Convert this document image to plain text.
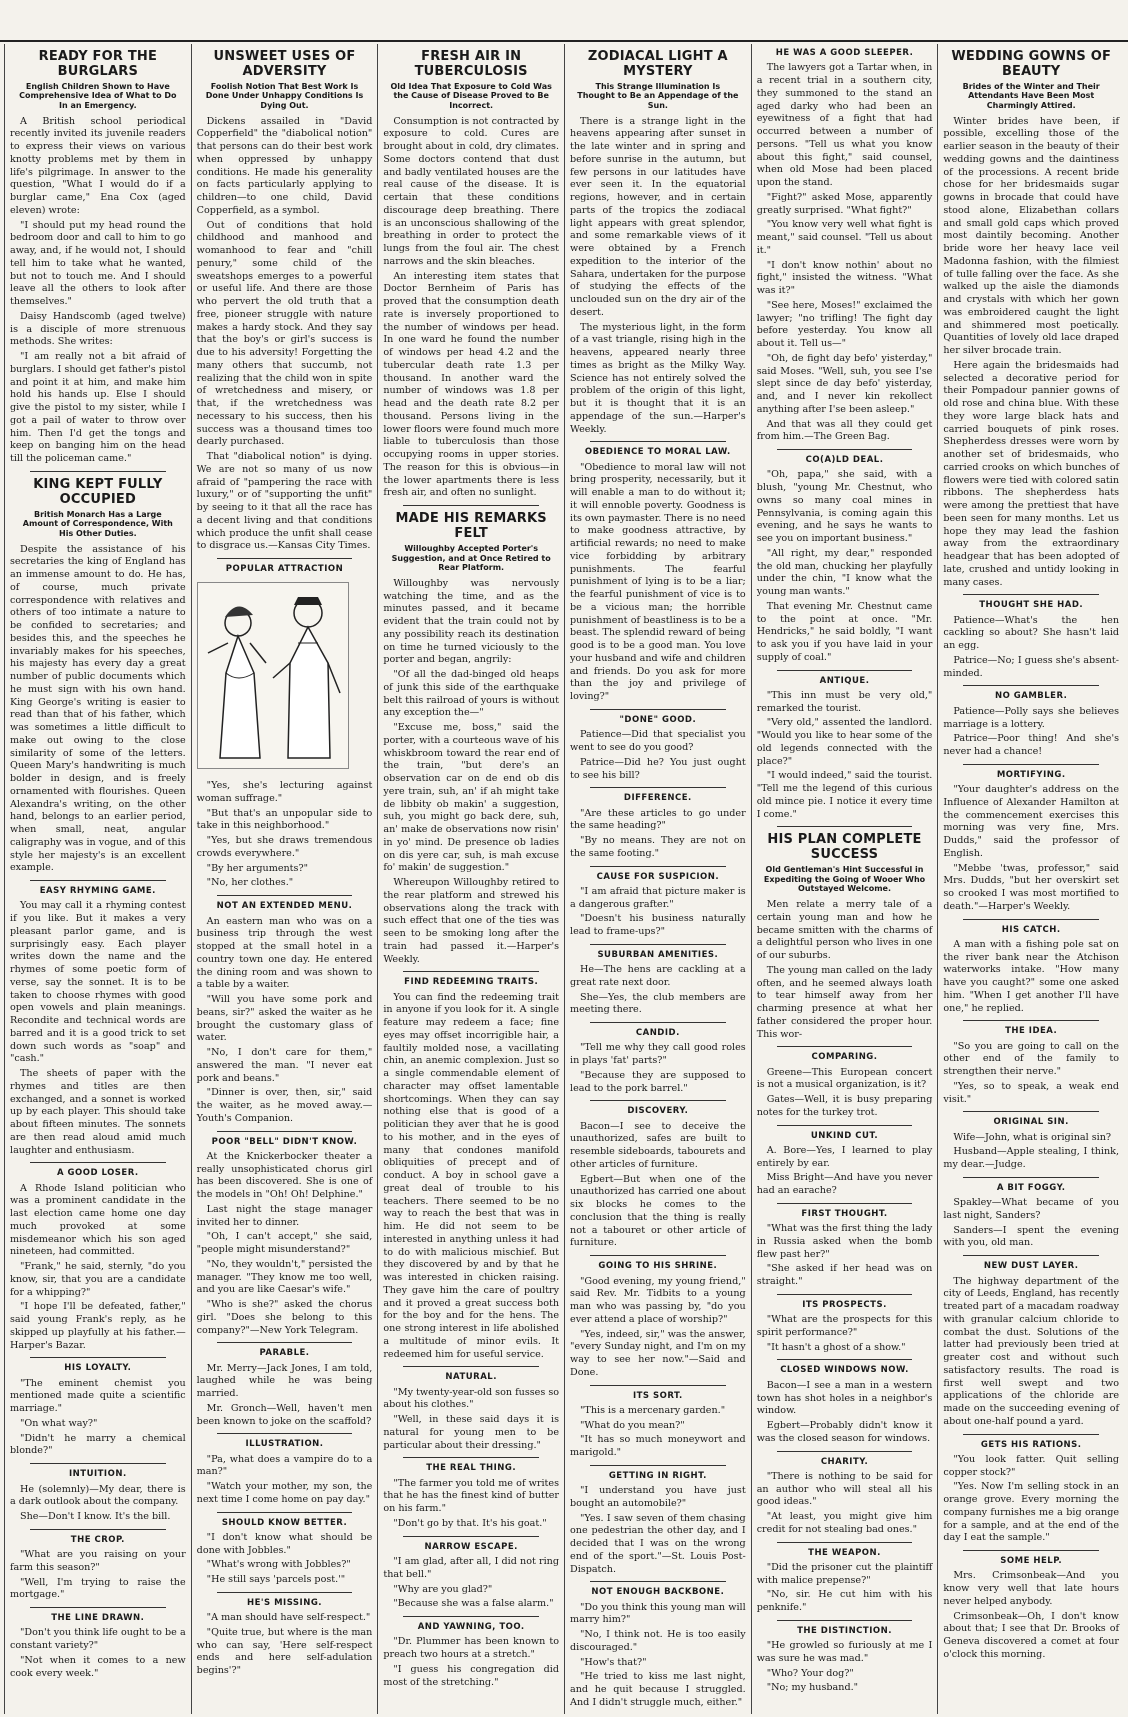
READY FOR THE BURGLARS
English Children Shown to Have Comprehensive Idea of What to Do In an Emergency.

A British school periodical recently invited its juvenile readers to express their views on various knotty problems met by them in life's pilgrimage. In answer to the question, "What I would do if a burglar came," Ena Cox (aged eleven) wrote:

"I should put my head round the bedroom door and call to him to go away, and, if he would not, I should tell him to take what he wanted, but not to touch me. And I should leave all the others to look after themselves."

Daisy Handscomb (aged twelve) is a disciple of more strenuous methods. She writes:

"I am really not a bit afraid of burglars. I should get father's pistol and point it at him, and make him hold his hands up. Else I should give the pistol to my sister, while I got a pail of water to throw over him. Then I'd get the tongs and keep on banging him on the head till the policeman came."

KING KEPT FULLY OCCUPIED
British Monarch Has a Large Amount of Correspondence, With His Other Duties.

Despite the assistance of his secretaries the king of England has an immense amount to do. He has, of course, much private correspondence with relatives and others of too intimate a nature to be confided to secretaries; and besides this, and the speeches he invariably makes for his speeches, his majesty has every day a great number of public documents which he must sign with his own hand. King George's writing is easier to read than that of his father, which was sometimes a little difficult to make out owing to the close similarity of some of the letters. Queen Mary's handwriting is much bolder in design, and is freely ornamented with flourishes. Queen Alexandra's writing, on the other hand, belongs to an earlier period, when small, neat, angular caligraphy was in vogue, and of this style her majesty's is an excellent example.

EASY RHYMING GAME.

You may call it a rhyming contest if you like. But it makes a very pleasant parlor game, and is surprisingly easy. Each player writes down the name and the rhymes of some poetic form of verse, say the sonnet. It is to be taken to choose rhymes with good open vowels and plain meanings. Recondite and technical words are barred and it is a good trick to set down such words as "soap" and "cash."

The sheets of paper with the rhymes and titles are then exchanged, and a sonnet is worked up by each player. This should take about fifteen minutes. The sonnets are then read aloud amid much laughter and enthusiasm.

A GOOD LOSER.

A Rhode Island politician who was a prominent candidate in the last election came home one day much provoked at some misdemeanor which his son aged nineteen, had committed.

"Frank," he said, sternly, "do you know, sir, that you are a candidate for a whipping?"

"I hope I'll be defeated, father," said young Frank's reply, as he skipped up playfully at his father.—Harper's Bazar.

HIS LOYALTY.

"The eminent chemist you mentioned made quite a scientific marriage."

"On what way?"

"Didn't he marry a chemical blonde?"

INTUITION.

He (solemnly)—My dear, there is a dark outlook about the company.

She—Don't I know. It's the bill.

THE CROP.

"What are you raising on your farm this season?"

"Well, I'm trying to raise the mortgage."

THE LINE DRAWN.

"Don't you think life ought to be a constant variety?"

"Not when it comes to a new cook every week."

UNSWEET USES OF ADVERSITY
Foolish Notion That Best Work Is Done Under Unhappy Conditions Is Dying Out.

Dickens assailed in "David Copperfield" the "diabolical notion" that persons can do their best work when oppressed by unhappy conditions. He made his generality on facts particularly applying to children—to one child, David Copperfield, as a symbol.

Out of conditions that hold childhood and manhood and womanhood to fear and "chill penury," some child of the sweatshops emerges to a powerful or useful life. And there are those who pervert the old truth that a free, pioneer struggle with nature makes a hardy stock. And they say that the boy's or girl's success is due to his adversity! Forgetting the many others that succumb, not realizing that the child won in spite of wretchedness and misery, or that, if the wretchedness was necessary to his success, then his success was a thousand times too dearly purchased.

That "diabolical notion" is dying. We are not so many of us now afraid of "pampering the race with luxury," or of "supporting the unfit" by seeing to it that all the race has a decent living and that conditions which produce the unfit shall cease to disgrace us.—Kansas City Times.

POPULAR ATTRACTION

"Yes, she's lecturing against woman suffrage."

"But that's an unpopular side to take in this neighborhood."

"Yes, but she draws tremendous crowds everywhere."

"By her arguments?"

"No, her clothes."

NOT AN EXTENDED MENU.

An eastern man who was on a business trip through the west stopped at the small hotel in a country town one day. He entered the dining room and was shown to a table by a waiter.

"Will you have some pork and beans, sir?" asked the waiter as he brought the customary glass of water.

"No, I don't care for them," answered the man. "I never eat pork and beans."

"Dinner is over, then, sir," said the waiter, as he moved away.—Youth's Companion.

POOR "BELL" DIDN'T KNOW.

At the Knickerbocker theater a really unsophisticated chorus girl has been discovered. She is one of the models in "Oh! Oh! Delphine."

Last night the stage manager invited her to dinner.

"Oh, I can't accept," she said, "people might misunderstand?"

"No, they wouldn't," persisted the manager. "They know me too well, and you are like Caesar's wife."

"Who is she?" asked the chorus girl. "Does she belong to this company?"—New York Telegram.

PARABLE.

Mr. Merry—Jack Jones, I am told, laughed while he was being married.

Mr. Gronch—Well, haven't men been known to joke on the scaffold?

ILLUSTRATION.

"Pa, what does a vampire do to a man?"

"Watch your mother, my son, the next time I come home on pay day."

SHOULD KNOW BETTER.

"I don't know what should be done with Jobbles."

"What's wrong with Jobbles?"

"He still says 'parcels post.'"

HE'S MISSING.

"A man should have self-respect."

"Quite true, but where is the man who can say, 'Here self-respect ends and here self-adulation begins'?"

FRESH AIR IN TUBERCULOSIS
Old Idea That Exposure to Cold Was the Cause of Disease Proved to Be Incorrect.

Consumption is not contracted by exposure to cold. Cures are brought about in cold, dry climates. Some doctors contend that dust and badly ventilated houses are the real cause of the disease. It is certain that these conditions discourage deep breathing. There is an unconscious shallowing of the breathing in order to protect the lungs from the foul air. The chest narrows and the skin bleaches.

An interesting item states that Doctor Bernheim of Paris has proved that the consumption death rate is inversely proportioned to the number of windows per head. In one ward he found the number of windows per head 4.2 and the tubercular death rate 1.3 per thousand. In another ward the number of windows was 1.8 per head and the death rate 8.2 per thousand. Persons living in the lower floors were found much more liable to tuberculosis than those occupying rooms in upper stories. The reason for this is obvious—in the lower apartments there is less fresh air, and often no sunlight.

MADE HIS REMARKS FELT
Willoughby Accepted Porter's Suggestion, and at Once Retired to Rear Platform.

Willoughby was nervously watching the time, and as the minutes passed, and it became evident that the train could not by any possibility reach its destination on time he turned viciously to the porter and began, angrily:

"Of all the dad-binged old heaps of junk this side of the earthquake belt this railroad of yours is without any exception the—"

"Excuse me, boss," said the porter, with a courteous wave of his whiskbroom toward the rear end of the train, "but dere's an observation car on de end ob dis yere train, suh, an' if ah might take de libbity ob makin' a suggestion, suh, you might go back dere, suh, an' make de observations now risin' in yo' mind. De presence ob ladies on dis yere car, suh, is mah excuse fo' makin' de suggestion."

Whereupon Willoughby retired to the rear platform and strewed his observations along the track with such effect that one of the ties was seen to be smoking long after the train had passed it.—Harper's Weekly.

FIND REDEEMING TRAITS.

You can find the redeeming trait in anyone if you look for it. A single feature may redeem a face; fine eyes may offset incorrigible hair, a faultily molded nose, a vacillating chin, an anemic complexion. Just so a single commendable element of character may offset lamentable shortcomings. When they can say nothing else that is good of a politician they aver that he is good to his mother, and in the eyes of many that condones manifold obliquities of precept and of conduct. A boy in school gave a great deal of trouble to his teachers. There seemed to be no way to reach the best that was in him. He did not seem to be interested in anything unless it had to do with malicious mischief. But they discovered by and by that he was interested in chicken raising. They gave him the care of poultry and it proved a great success both for the boy and for the hens. The one strong interest in life abolished a multitude of minor evils. It redeemed him for useful service.

NATURAL.

"My twenty-year-old son fusses so about his clothes."

"Well, in these said days it is natural for young men to be particular about their dressing."

THE REAL THING.

"The farmer you told me of writes that he has the finest kind of butter on his farm."

"Don't go by that. It's his goat."

NARROW ESCAPE.

"I am glad, after all, I did not ring that bell."

"Why are you glad?"

"Because she was a false alarm."

AND YAWNING, TOO.

"Dr. Plummer has been known to preach two hours at a stretch."

"I guess his congregation did most of the stretching."

ZODIACAL LIGHT A MYSTERY
This Strange Illumination Is Thought to Be an Appendage of the Sun.

There is a strange light in the heavens appearing after sunset in the late winter and in spring and before sunrise in the autumn, but few persons in our latitudes have ever seen it. In the equatorial regions, however, and in certain parts of the tropics the zodiacal light appears with great splendor, and some remarkable views of it were obtained by a French expedition to the interior of the Sahara, undertaken for the purpose of studying the effects of the unclouded sun on the dry air of the desert.

The mysterious light, in the form of a vast triangle, rising high in the heavens, appeared nearly three times as bright as the Milky Way. Science has not entirely solved the problem of the origin of this light, but it is thought that it is an appendage of the sun.—Harper's Weekly.

OBEDIENCE TO MORAL LAW.

"Obedience to moral law will not bring prosperity, necessarily, but it will enable a man to do without it; it will ennoble poverty. Goodness is its own paymaster. There is no need to make goodness attractive, by artificial rewards; no need to make vice forbidding by arbitrary punishments. The fearful punishment of lying is to be a liar; the fearful punishment of vice is to be a vicious man; the horrible punishment of beastliness is to be a beast. The splendid reward of being good is to be a good man. You love your husband and wife and children and friends. Do you ask for more than the joy and privilege of loving?"

"DONE" GOOD.

Patience—Did that specialist you went to see do you good?

Patrice—Did he? You just ought to see his bill?

DIFFERENCE.

"Are these articles to go under the same heading?"

"By no means. They are not on the same footing."

CAUSE FOR SUSPICION.

"I am afraid that picture maker is a dangerous grafter."

"Doesn't his business naturally lead to frame-ups?"

SUBURBAN AMENITIES.

He—The hens are cackling at a great rate next door.

She—Yes, the club members are meeting there.

CANDID.

"Tell me why they call good roles in plays 'fat' parts?"

"Because they are supposed to lead to the pork barrel."

DISCOVERY.

Bacon—I see to deceive the unauthorized, safes are built to resemble sideboards, tabourets and other articles of furniture.

Egbert—But when one of the unauthorized has carried one about six blocks he comes to the conclusion that the thing is really not a tabouret or other article of furniture.

GOING TO HIS SHRINE.

"Good evening, my young friend," said Rev. Mr. Tidbits to a young man who was passing by, "do you ever attend a place of worship?"

"Yes, indeed, sir," was the answer, "every Sunday night, and I'm on my way to see her now."—Said and Done.

ITS SORT.

"This is a mercenary garden."

"What do you mean?"

"It has so much moneywort and marigold."

GETTING IN RIGHT.

"I understand you have just bought an automobile?"

"Yes. I saw seven of them chasing one pedestrian the other day, and I decided that I was on the wrong end of the sport."—St. Louis Post-Dispatch.

NOT ENOUGH BACKBONE.

"Do you think this young man will marry him?"

"No, I think not. He is too easily discouraged."

"How's that?"

"He tried to kiss me last night, and he quit because I struggled. And I didn't struggle much, either."

HE WAS A GOOD SLEEPER.

The lawyers got a Tartar when, in a recent trial in a southern city, they summoned to the stand an aged darky who had been an eyewitness of a fight that had occurred between a number of persons. "Tell us what you know about this fight," said counsel, when old Mose had been placed upon the stand.

"Fight?" asked Mose, apparently greatly surprised. "What fight?"

"You know very well what fight is meant," said counsel. "Tell us about it."

"I don't know nothin' about no fight," insisted the witness. "What was it?"

"See here, Moses!" exclaimed the lawyer; "no trifling! The fight day before yesterday. You know all about it. Tell us—"

"Oh, de fight day befo' yisterday," said Moses. "Well, suh, you see I'se slept since de day befo' yisterday, and, and I never kin rekollect anything after I'se been asleep."

And that was all they could get from him.—The Green Bag.

CO(A)LD DEAL.

"Oh, papa," she said, with a blush, "young Mr. Chestnut, who owns so many coal mines in Pennsylvania, is coming again this evening, and he says he wants to see you on important business."

"All right, my dear," responded the old man, chucking her playfully under the chin, "I know what the young man wants."

That evening Mr. Chestnut came to the point at once. "Mr. Hendricks," he said boldly, "I want to ask you if you have laid in your supply of coal."

ANTIQUE.

"This inn must be very old," remarked the tourist.

"Very old," assented the landlord. "Would you like to hear some of the old legends connected with the place?"

"I would indeed," said the tourist. "Tell me the legend of this curious old mince pie. I notice it every time I come."

HIS PLAN COMPLETE SUCCESS
Old Gentleman's Hint Successful in Expediting the Going of Wooer Who Outstayed Welcome.

Men relate a merry tale of a certain young man and how he became smitten with the charms of a delightful person who lives in one of our suburbs.

The young man called on the lady often, and he seemed always loath to tear himself away from her charming presence at what her father considered the proper hour. This wor-

COMPARING.

Greene—This European concert is not a musical organization, is it?

Gates—Well, it is busy preparing notes for the turkey trot.

UNKIND CUT.

A. Bore—Yes, I learned to play entirely by ear.

Miss Bright—And have you never had an earache?

FIRST THOUGHT.

"What was the first thing the lady in Russia asked when the bomb flew past her?"

"She asked if her head was on straight."

ITS PROSPECTS.

"What are the prospects for this spirit performance?"

"It hasn't a ghost of a show."

CLOSED WINDOWS NOW.

Bacon—I see a man in a western town has shot holes in a neighbor's window.

Egbert—Probably didn't know it was the closed season for windows.

CHARITY.

"There is nothing to be said for an author who will steal all his good ideas."

"At least, you might give him credit for not stealing bad ones."

THE WEAPON.

"Did the prisoner cut the plaintiff with malice prepense?"

"No, sir. He cut him with his penknife."

THE DISTINCTION.

"He growled so furiously at me I was sure he was mad."

"Who? Your dog?"

"No; my husband."

WEDDING GOWNS OF BEAUTY
Brides of the Winter and Their Attendants Have Been Most Charmingly Attired.

Winter brides have been, if possible, excelling those of the earlier season in the beauty of their wedding gowns and the daintiness of the processions. A recent bride chose for her bridesmaids sugar gowns in brocade that could have stood alone, Elizabethan collars and small gold caps which proved most daintily becoming. Another bride wore her heavy lace veil Madonna fashion, with the filmiest of tulle falling over the face. As she walked up the aisle the diamonds and crystals with which her gown was embroidered caught the light and shimmered most poetically. Quantities of lovely old lace draped her silver brocade train.

Here again the bridesmaids had selected a decorative period for their Pompadour pannier gowns of old rose and china blue. With these they wore large black hats and carried bouquets of pink roses. Shepherdess dresses were worn by another set of bridesmaids, who carried crooks on which bunches of flowers were tied with colored satin ribbons. The shepherdess hats were among the prettiest that have been seen for many months. Let us hope they may lead the fashion away from the extraordinary headgear that has been adopted of late, crushed and untidy looking in many cases.

THOUGHT SHE HAD.

Patience—What's the hen cackling so about? She hasn't laid an egg.

Patrice—No; I guess she's absent-minded.

NO GAMBLER.

Patience—Polly says she believes marriage is a lottery.

Patrice—Poor thing! And she's never had a chance!

MORTIFYING.

"Your daughter's address on the Influence of Alexander Hamilton at the commencement exercises this morning was very fine, Mrs. Dudds," said the professor of English.

"Mebbe 'twas, professor," said Mrs. Dudds, "but her overskirt set so crooked I was most mortified to death."—Harper's Weekly.

HIS CATCH.

A man with a fishing pole sat on the river bank near the Atchison waterworks intake. "How many have you caught?" some one asked him. "When I get another I'll have one," he replied.

THE IDEA.

"So you are going to call on the other end of the family to strengthen their nerve."

"Yes, so to speak, a weak end visit."

ORIGINAL SIN.

Wife—John, what is original sin?

Husband—Apple stealing, I think, my dear.—Judge.

A BIT FOGGY.

Spakley—What became of you last night, Sanders?

Sanders—I spent the evening with you, old man.

NEW DUST LAYER.

The highway department of the city of Leeds, England, has recently treated part of a macadam roadway with granular calcium chloride to combat the dust. Solutions of the latter had previously been tried at greater cost and without such satisfactory results. The road is first well swept and two applications of the chloride are made on the succeeding evening of about one-half pound a yard.

GETS HIS RATIONS.

"You look fatter. Quit selling copper stock?"

"Yes. Now I'm selling stock in an orange grove. Every morning the company furnishes me a big orange for a sample, and at the end of the day I eat the sample."

SOME HELP.

Mrs. Crimsonbeak—And you know very well that late hours never helped anybody.

Crimsonbeak—Oh, I don't know about that; I see that Dr. Brooks of Geneva discovered a comet at four o'clock this morning.
